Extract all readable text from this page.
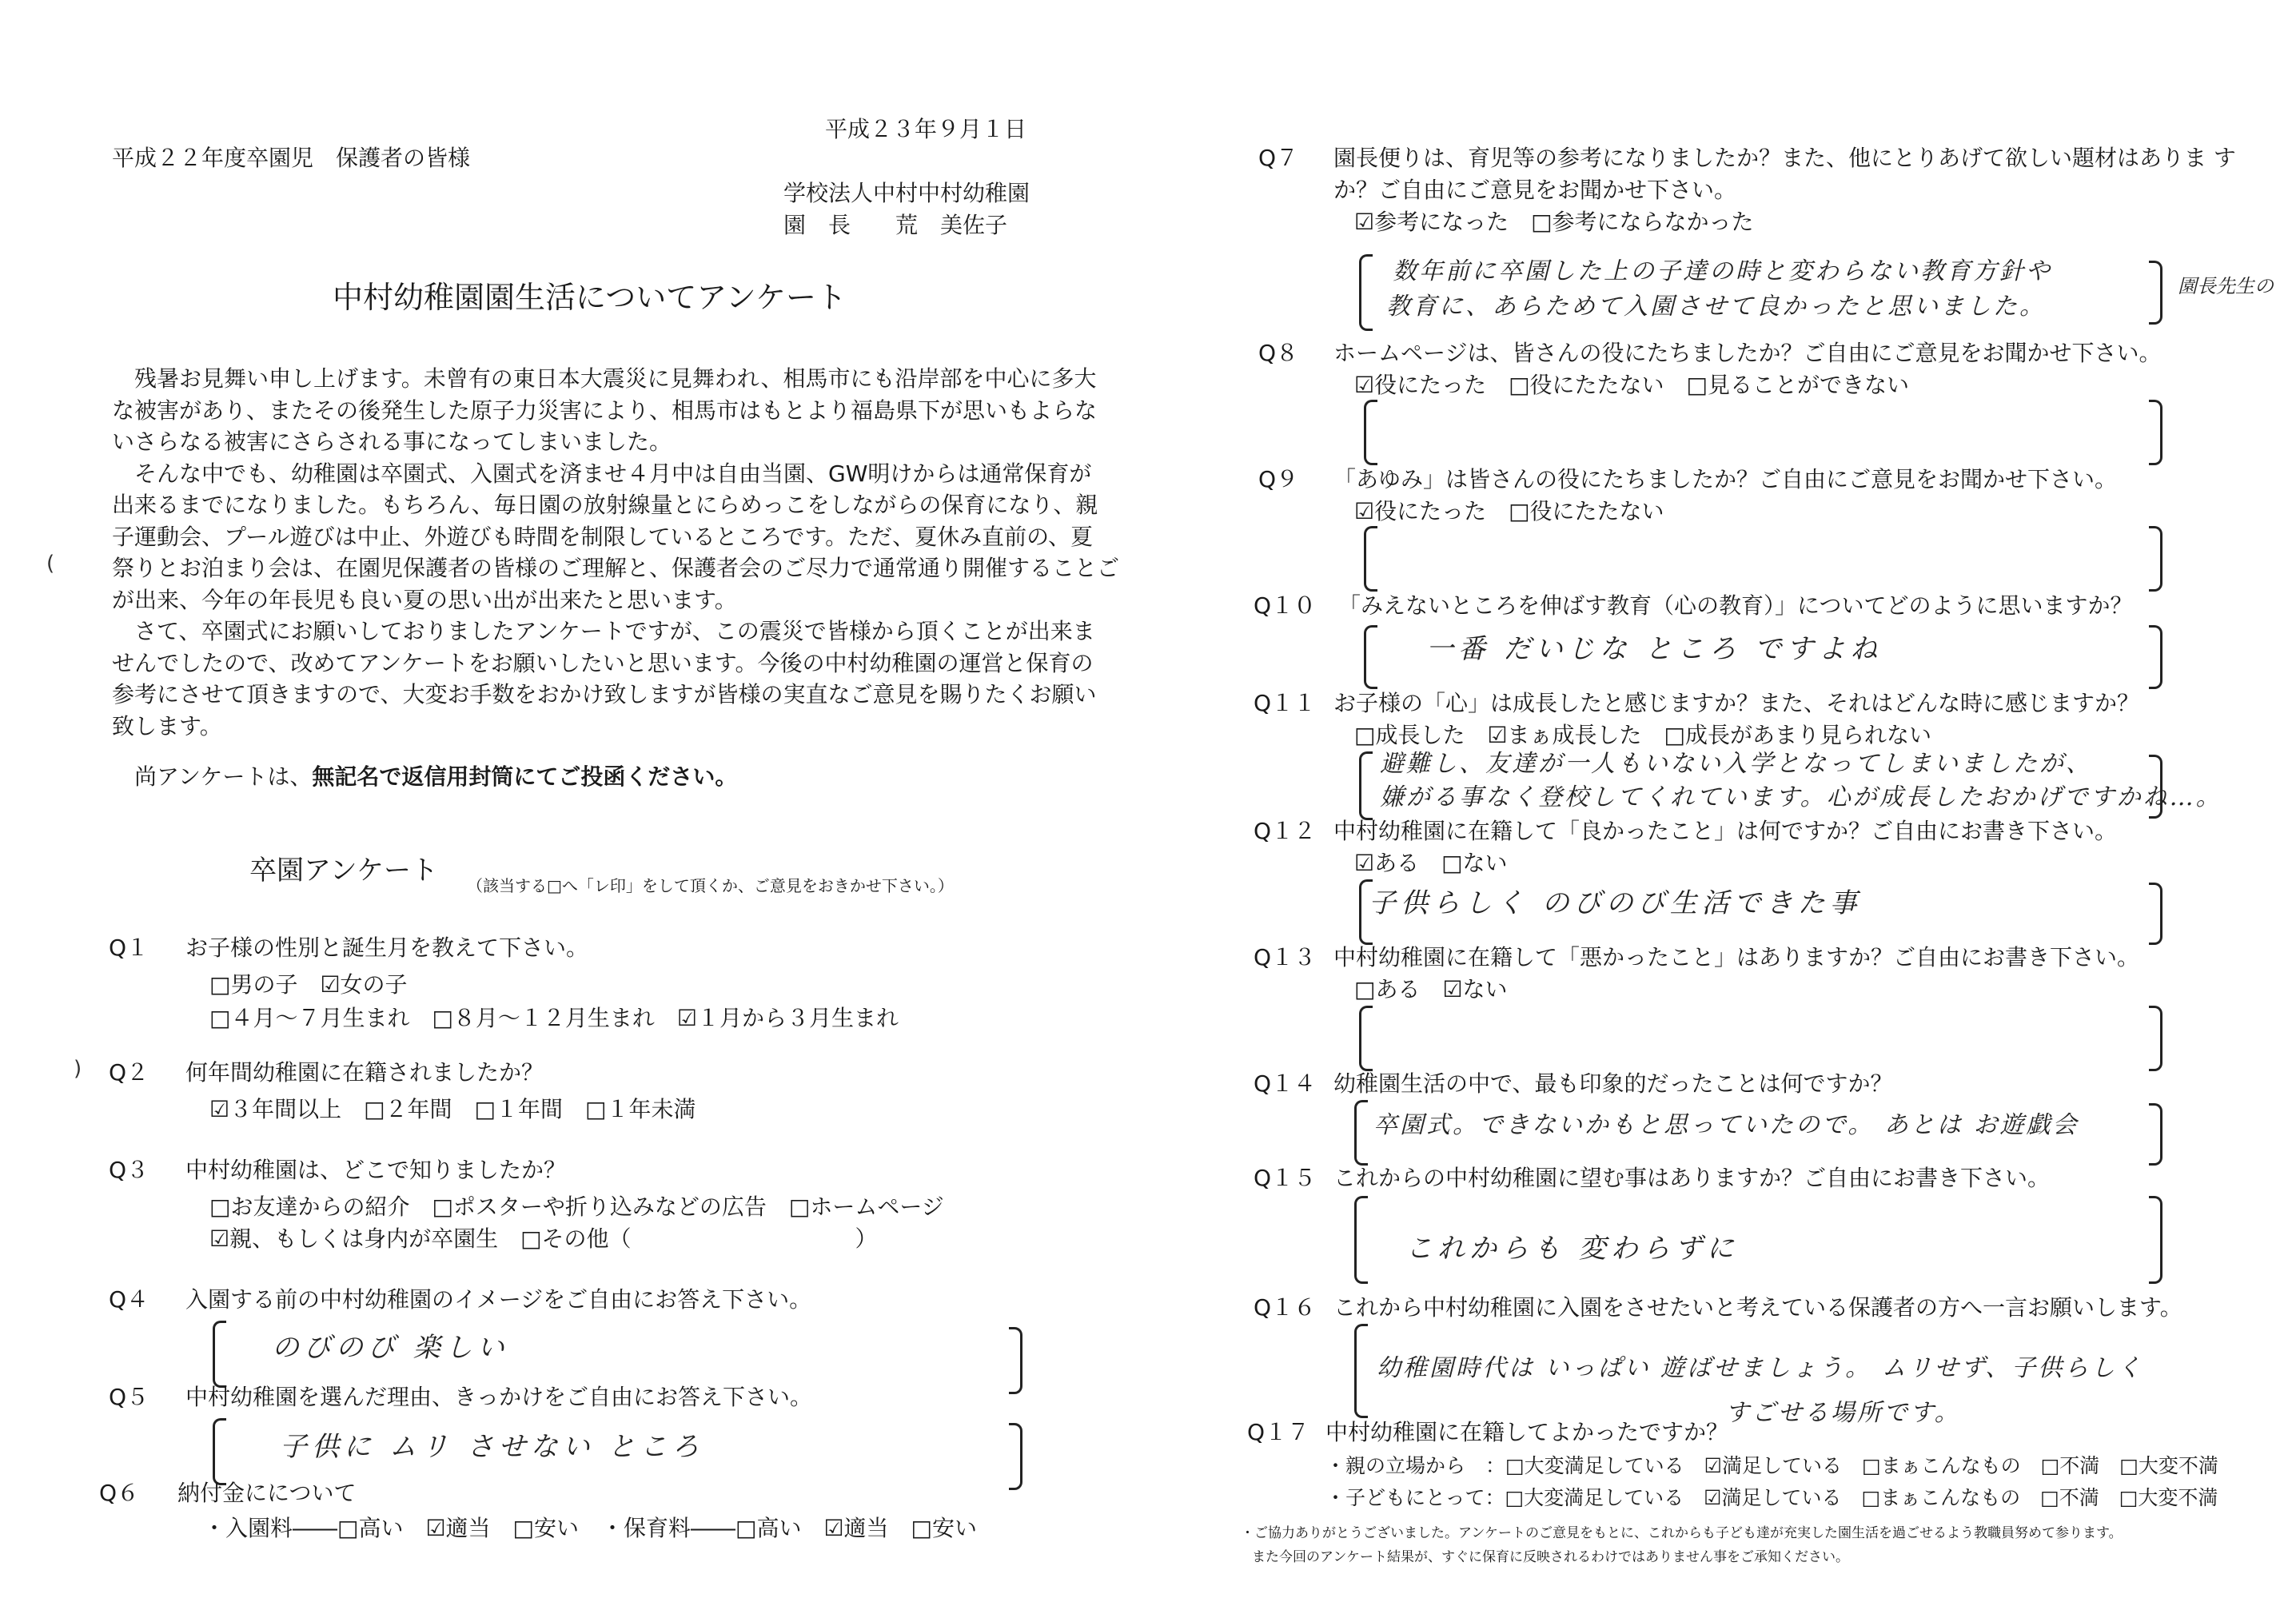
平成２３年９月１日
平成２２年度卒園児　保護者の皆様
学校法人中村中村幼稚園
園　長　　荒　美佐子
中村幼稚園園生活についてアンケート
　残暑お見舞い申し上げます。未曾有の東日本大震災に見舞われ、相馬市にも沿岸部を中心に多大
な被害があり、またその後発生した原子力災害により、相馬市はもとより福島県下が思いもよらな
いさらなる被害にさらされる事になってしまいました。
　そんな中でも、幼稚園は卒園式、入園式を済ませ４月中は自由当園、GW明けからは通常保育が
出来るまでになりました。もちろん、毎日園の放射線量とにらめっこをしながらの保育になり、親
子運動会、プール遊びは中止、外遊びも時間を制限しているところです。ただ、夏休み直前の、夏
祭りとお泊まり会は、在園児保護者の皆様のご理解と、保護者会のご尽力で通常通り開催することご
が出来、今年の年長児も良い夏の思い出が出来たと思います。
　さて、卒園式にお願いしておりましたアンケートですが、この震災で皆様から頂くことが出来ま
せんでしたので、改めてアンケートをお願いしたいと思います。今後の中村幼稚園の運営と保育の
参考にさせて頂きますので、大変お手数をおかけ致しますが皆様の実直なご意見を賜りたくお願い
致します。
　尚アンケートは、無記名で返信用封筒にてご投函ください。
卒園アンケート （該当する□へ「レ印」をして頂くか、ご意見をおきかせ下さい。）
Q１ お子様の性別と誕生月を教えて下さい。
□男の子　☑女の子
□４月～７月生まれ　□８月～１２月生まれ　☑１月から３月生まれ
Q２ 何年間幼稚園に在籍されましたか？
☑３年間以上　□２年間　□１年間　□１年未満
Q３ 中村幼稚園は、どこで知りましたか？
□お友達からの紹介　□ポスターや折り込みなどの広告　□ホームページ
☑親、もしくは身内が卒園生　□その他（　　　　　　　　　　）
Q４ 入園する前の中村幼稚園のイメージをご自由にお答え下さい。
のびのび 楽しい
Q５ 中村幼稚園を選んだ理由、きっかけをご自由にお答え下さい。
子供に ムリ させない ところ
Q６ 納付金にについて
・入園料――□高い　☑適当　□安い ・保育料――□高い　☑適当　□安い
(
)
Q７ 園長便りは、育児等の参考になりましたか？また、他にとりあげて欲しい題材はありま す
か？ご自由にご意見をお聞かせ下さい。
☑参考になった　□参考にならなかった
数年前に卒園した上の子達の時と変わらない教育方針や
教育に、あらためて入園させて良かったと思いました。
園長先生の
Q８ ホームページは、皆さんの役にたちましたか？ご自由にご意見をお聞かせ下さい。
☑役にたった　□役にたたない　□見ることができない
Q９ 「あゆみ」は皆さんの役にたちましたか？ご自由にご意見をお聞かせ下さい。
☑役にたった　□役にたたない
Q１０ 「みえないところを伸ばす教育（心の教育）」についてどのように思いますか？
一番 だいじな ところ ですよね
Q１１ お子様の「心」は成長したと感じますか？また、それはどんな時に感じますか？
□成長した　☑まぁ成長した　□成長があまり見られない
避難し、友達が一人もいない入学となってしまいましたが、
嫌がる事なく登校してくれています。心が成長したおかげですかね…。
Q１２ 中村幼稚園に在籍して「良かったこと」は何ですか？ご自由にお書き下さい。
☑ある　□ない
子供らしく のびのび生活できた事
Q１３ 中村幼稚園に在籍して「悪かったこと」はありますか？ご自由にお書き下さい。
□ある　☑ない
Q１４ 幼稚園生活の中で、最も印象的だったことは何ですか？
卒園式。できないかもと思っていたので。 あとは お遊戯会
Q１５ これからの中村幼稚園に望む事はありますか？ご自由にお書き下さい。
これからも 変わらずに
Q１６ これから中村幼稚園に入園をさせたいと考えている保護者の方へ一言お願いします。
幼稚園時代は いっぱい 遊ばせましょう。 ムリせず、子供らしく
すごせる場所です。
Q１７ 中村幼稚園に在籍してよかったですか？
・親の立場から　：□大変満足している　☑満足している　□まぁこんなもの　□不満　□大変不満
・子どもにとって：□大変満足している　☑満足している　□まぁこんなもの　□不満　□大変不満
・ご協力ありがとうございました。アンケートのご意見をもとに、これからも子ども達が充実した園生活を過ごせるよう教職員努めて参ります。
また今回のアンケート結果が、すぐに保育に反映されるわけではありません事をご承知ください。
